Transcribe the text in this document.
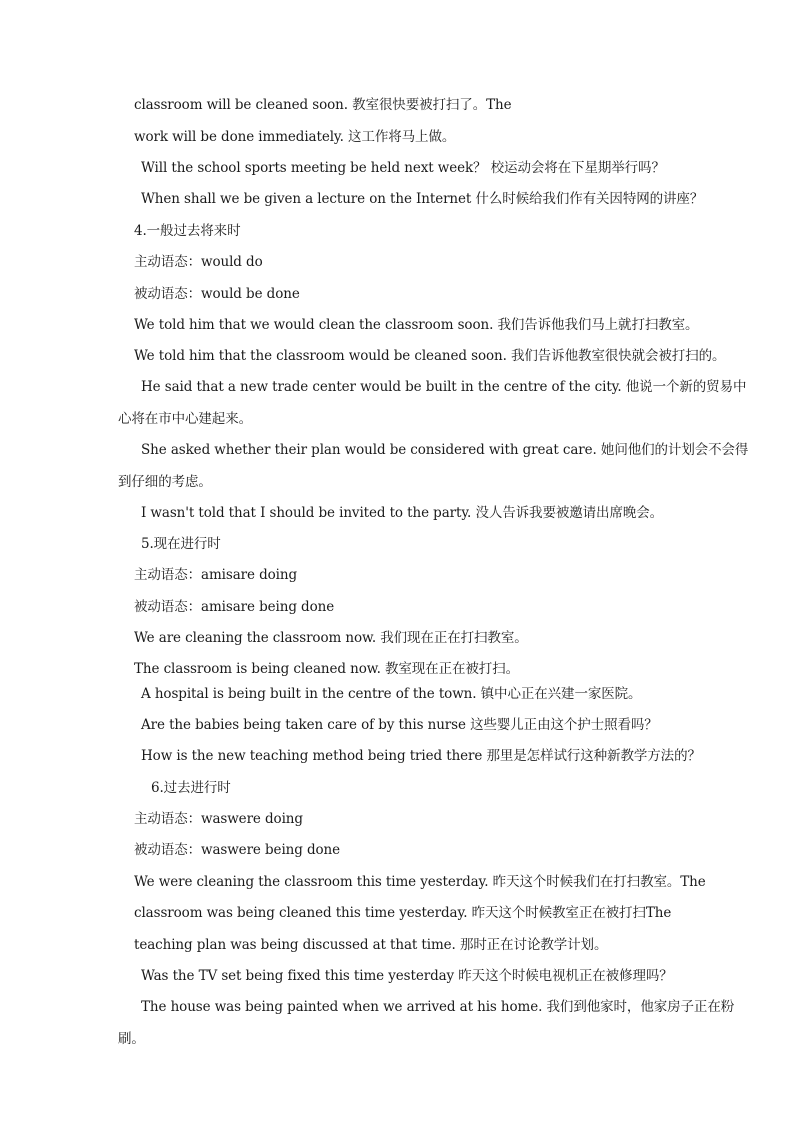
classroom will be cleaned soon. 教室很快要被打扫了。The
work will be done immediately. 这工作将马上做。
Will the school sports meeting be held next week？ 校运动会将在下星期举行吗？
When shall we be given a lecture on the Internet 什么时候给我们作有关因特网的讲座？
4.一般过去将来时
主动语态：would do
被动语态：would be done
We told him that we would clean the classroom soon. 我们告诉他我们马上就打扫教室。
We told him that the classroom would be cleaned soon. 我们告诉他教室很快就会被打扫的。
He said that a new trade center would be built in the centre of the city. 他说一个新的贸易中
心将在市中心建起来。
She asked whether their plan would be considered with great care. 她问他们的计划会不会得
到仔细的考虑。
I wasn't told that I should be invited to the party. 没人告诉我要被邀请出席晚会。
5.现在进行时
主动语态：amisare doing
被动语态：amisare being done
We are cleaning the classroom now. 我们现在正在打扫教室。
The classroom is being cleaned now. 教室现在正在被打扫。
A hospital is being built in the centre of the town. 镇中心正在兴建一家医院。
Are the babies being taken care of by this nurse 这些婴儿正由这个护士照看吗？
How is the new teaching method being tried there 那里是怎样试行这种新教学方法的？
6.过去进行时
主动语态：waswere doing
被动语态：waswere being done
We were cleaning the classroom this time yesterday. 昨天这个时候我们在打扫教室。The
classroom was being cleaned this time yesterday. 昨天这个时候教室正在被打扫The
teaching plan was being discussed at that time. 那时正在讨论教学计划。
Was the TV set being fixed this time yesterday 昨天这个时候电视机正在被修理吗？
The house was being painted when we arrived at his home. 我们到他家时，他家房子正在粉
刷。
